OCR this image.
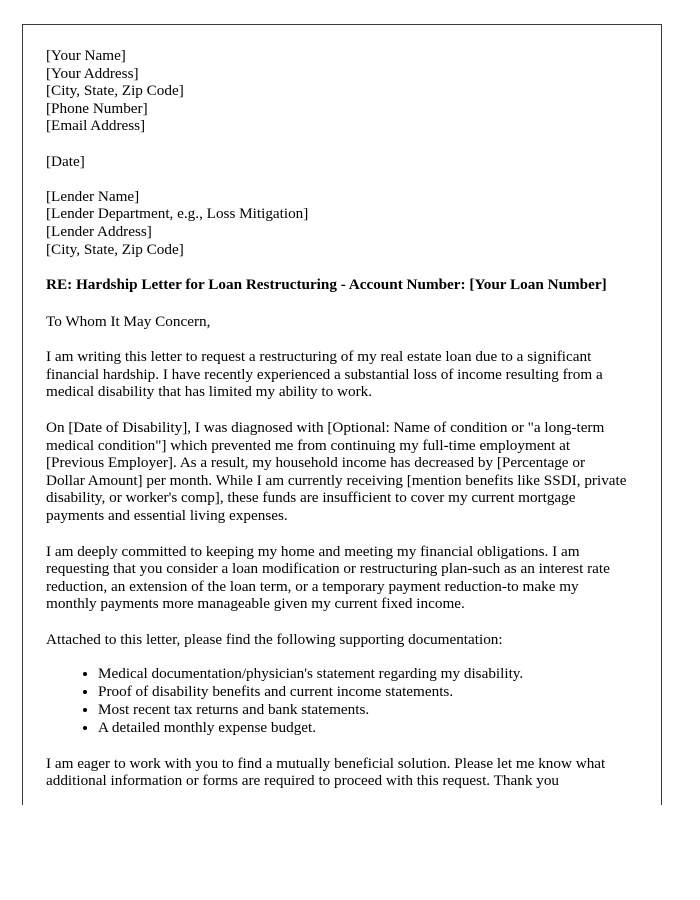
[Your Name]
[Your Address]
[City, State, Zip Code]
[Phone Number]
[Email Address]
[Date]
[Lender Name]
[Lender Department, e.g., Loss Mitigation]
[Lender Address]
[City, State, Zip Code]

RE: Hardship Letter for Loan Restructuring - Account Number: [Your Loan Number]

To Whom It May Concern,

I am writing this letter to request a restructuring of my real estate loan due to a significant financial hardship. I have recently experienced a substantial loss of income resulting from a medical disability that has limited my ability to work.

On [Date of Disability], I was diagnosed with [Optional: Name of condition or "a long-term medical condition"] which prevented me from continuing my full-time employment at [Previous Employer]. As a result, my household income has decreased by [Percentage or Dollar Amount] per month. While I am currently receiving [mention benefits like SSDI, private disability, or worker's comp], these funds are insufficient to cover my current mortgage payments and essential living expenses.

I am deeply committed to keeping my home and meeting my financial obligations. I am requesting that you consider a loan modification or restructuring plan-such as an interest rate reduction, an extension of the loan term, or a temporary payment reduction-to make my monthly payments more manageable given my current fixed income.

Attached to this letter, please find the following supporting documentation:

• Medical documentation/physician's statement regarding my disability.
• Proof of disability benefits and current income statements.
• Most recent tax returns and bank statements.
• A detailed monthly expense budget.

I am eager to work with you to find a mutually beneficial solution. Please let me know what additional information or forms are required to proceed with this request. Thank you
